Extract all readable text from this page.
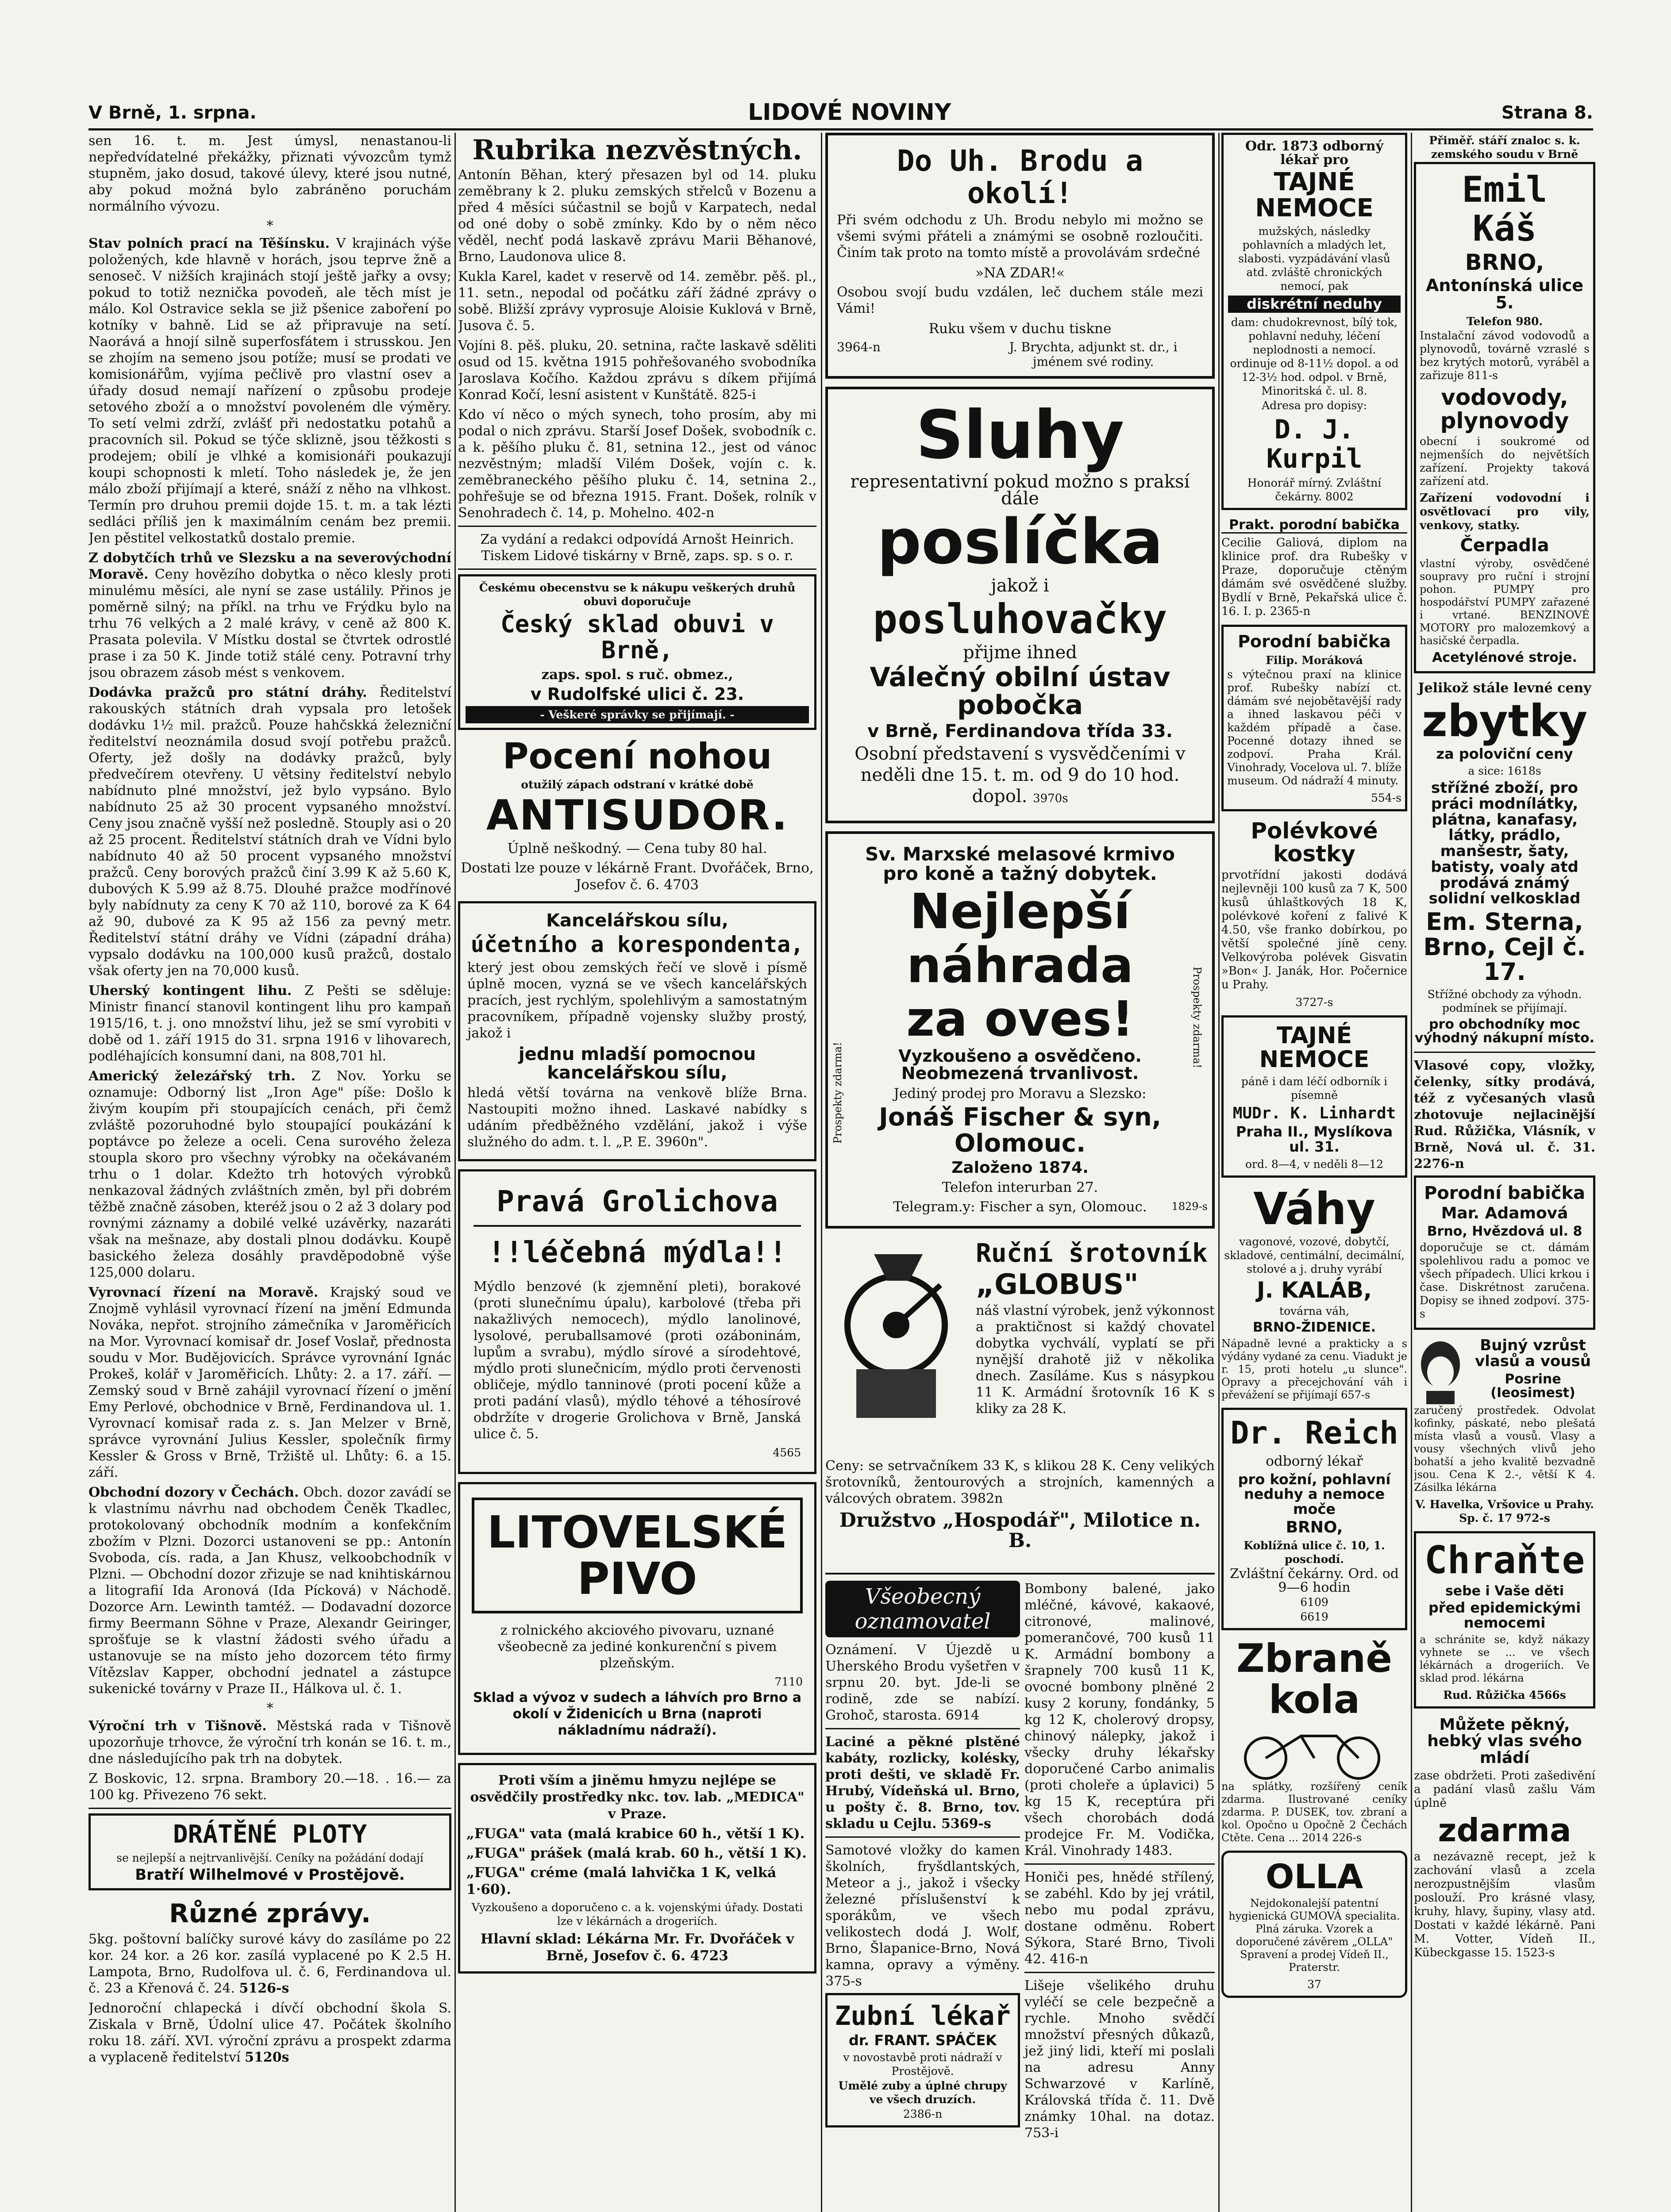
V Brně, 1. srpna.	LIDOVÉ NOVINY	Strana 8.

sen 16. t. m. Jest úmysl, nenastanou-li nepředvídatelné překážky, přiznati vývozcům tymž stupněm, jako dosud, takové úlevy, které jsou nutné, aby pokud možná bylo zabráněno poruchám normálního vývozu.

*

Stav polních prací na Těšínsku. V krajinách výše položených, kde hlavně v horách, jsou teprve žně a senoseč. V nižších krajinách stojí ještě jařky a ovsy; pokud to totiž neznička povodeň, ale těch míst je málo. Kol Ostravice sekla se již pšenice zaboření po kotníky v bahně. Lid se až připravuje na setí. Naorává a hnojí silně superfosfátem i strusskou. Jen se zhojím na semeno jsou potíže; musí se prodati ve komisionářům, vyjíma pečlivě pro vlastní osev a úřady dosud nemají nařízení o způsobu prodeje setového zboží a o množství povoleném dle výměry. To setí velmi zdrží, zvlášť při nedostatku potahů a pracovních sil. Pokud se týče sklizně, jsou těžkosti s prodejem; obilí je vlhké a komisionáři poukazují koupi schopnosti k mletí. Toho následek je, že jen málo zboží přijímají a které, snáží z něho na vlhkost. Termín pro druhou premii dojde 15. t. m. a tak lézti sedláci příliš jen k maximálním cenám bez premii. Jen pěstitel velkostatků dostalo premie.

Z dobytčích trhů ve Slezsku a na severovýchodní Moravě. Ceny hovězího dobytka o něco klesly proti minulému měsíci, ale nyní se zase ustálily. Přinos je poměrně silný; na příkl. na trhu ve Frýdku bylo na trhu 76 velkých a 2 malé krávy, v ceně až 800 K. Prasata polevila. V Místku dostal se čtvrtek odrostlé prase i za 50 K. Jinde totiž stálé ceny. Potravní trhy jsou obrazem zásob mést s venkovem.

Dodávka pražců pro státní dráhy. Ředitelství rakouských státních drah vypsala pro letošek dodávku 1½ mil. pražců. Pouze hahčskká železniční ředitelství neoznámila dosud svojí potřebu pražců. Oferty, jež došly na dodávky pražců, byly předvečírem otevřeny. U větsiny ředitelství nebylo nabídnuto plné množství, jež bylo vypsáno. Bylo nabídnuto 25 až 30 procent vypsaného množství. Ceny jsou značně vyšší než posledně. Stouply asi o 20 až 25 procent. Ředitelství státních drah ve Vídni bylo nabídnuto 40 až 50 procent vypsaného množství pražců. Ceny borových pražců činí 3.99 K až 5.60 K, dubových K 5.99 až 8.75. Dlouhé pražce modřínové byly nabídnuty za ceny K 70 až 110, borové za K 64 až 90, dubové za K 95 až 156 za pevný metr. Ředitelství státní dráhy ve Vídni (západní dráha) vypsalo dodávku na 100,000 kusů pražců, dostalo však oferty jen na 70,000 kusů.

Uherský kontingent lihu. Z Pešti se sděluje: Ministr financí stanovil kontingent lihu pro kampaň 1915/16, t. j. ono množství lihu, jež se smí vyrobiti v době od 1. září 1915 do 31. srpna 1916 v lihovarech, podléhajících konsumní dani, na 808,701 hl.

Americký železářský trh. Z Nov. Yorku se oznamuje: Odborný list „Iron Age" píše: Došlo k živým koupím při stoupajících cenách, při čemž zvláště pozoruhodné bylo stoupající poukázání k poptávce po železe a oceli. Cena surového železa stoupla skoro pro všechny výrobky na očekávaném trhu o 1 dolar. Kdežto trh hotových výrobků nenkazoval žádných zvláštních změn, byl při dobrém těžbě značně zásoben, kteréž jsou o 2 až 3 dolary pod rovnými záznamy a dobilé velké uzávěrky, nazaráti však na mešnaze, aby dostali plnou dodávku. Koupě basického železa dosáhly pravděpodobně výše 125,000 dolaru.

Vyrovnací řízení na Moravě. Krajský soud ve Znojmě vyhlásil vyrovnací řízení na jmění Edmunda Nováka, nepřot. strojního zámečníka v Jaroměřicích na Mor. Vyrovnací komisař dr. Josef Voslař, přednosta soudu v Mor. Budějovicích. Správce vyrovnání Ignác Prokeš, kolář v Jaroměřicích. Lhůty: 2. a 17. září. — Zemský soud v Brně zahájil vyrovnací řízení o jmění Emy Perlové, obchodnice v Brně, Ferdinandova ul. 1. Vyrovnací komisař rada z. s. Jan Melzer v Brně, správce vyrovnání Julius Kessler, společník firmy Kessler & Gross v Brně, Tržiště ul. Lhůty: 6. a 15. září.

Obchodní dozory v Čechách. Obch. dozor zavádí se k vlastnímu návrhu nad obchodem Čeněk Tkadlec, protokolovaný obchodník modním a konfekčním zbožím v Plzni. Dozorci ustanoveni se pp.: Antonín Svoboda, cís. rada, a Jan Khusz, velkoobchodník v Plzni. — Obchodní dozor zřizuje se nad knihtiskárnou a litografií Ida Aronová (Ida Pícková) v Náchodě. Dozorce Arn. Lewinth tamtéž. — Dodavadní dozorce firmy Beermann Söhne v Praze, Alexandr Geiringer, sprošťuje se k vlastní žádosti svého úřadu a ustanovuje se na místo jeho dozorcem této firmy Vítězslav Kapper, obchodní jednatel a zástupce sukenické továrny v Praze II., Hálkova ul. č. 1.

*

Výroční trh v Tišnově. Městská rada v Tišnově upozorňuje trhovce, že výroční trh konán se 16. t. m., dne následujícího pak trh na dobytek.

Z Boskovic, 12. srpna. Brambory 20.—18. . 16.— za 100 kg. Přivezeno 76 sekt.

DRÁTĚNÉ PLOTY
se nejlepší a nejtrvanlivější. Ceníky na požádání dodají
Bratří Wilhelmové v Prostějově.
Různé zprávy.

5kg. poštovní balíčky surové kávy do zasíláme po 22 kor. 24 kor. a 26 kor. zasílá vyplacené po K 2.5 H. Lampota, Brno, Rudolfova ul. č. 6, Ferdinandova ul. č. 23 a Křenová č. 24. 5126-s

Jednoroční chlapecká i dívčí obchodní škola S. Ziskala v Brně, Údolní ulice 47. Počátek školního roku 18. září. XVI. výroční zprávu a prospekt zdarma a vyplaceně ředitelství 5120s

Rubrika nezvěstných.

Antonín Běhan, který přesazen byl od 14. pluku zeměbrany k 2. pluku zemských střelců v Bozenu a před 4 měsíci súčastnil se bojů v Karpatech, nedal od oné doby o sobě zmínky. Kdo by o něm něco věděl, nechť podá laskavě zprávu Marii Běhanové, Brno, Laudonova ulice 8.

Kukla Karel, kadet v reservě od 14. zeměbr. pěš. pl., 11. setn., nepodal od počátku září žádné zprávy o sobě. Bližší zprávy vyprosuje Aloisie Kuklová v Brně, Jusova č. 5.

Vojíni 8. pěš. pluku, 20. setnina, račte laskavě sděliti osud od 15. května 1915 pohřešovaného svobodníka Jaroslava Kočího. Každou zprávu s díkem přijímá Konrad Kočí, lesní asistent v Kunštátě. 825-i

Kdo ví něco o mých synech, toho prosím, aby mi podal o nich zprávu. Starší Josef Došek, svobodník c. a k. pěšího pluku č. 81, setnina 12., jest od vánoc nezvěstným; mladší Vilém Došek, vojín c. k. zeměbraneckého pěšího pluku č. 14, setnina 2., pohřešuje se od března 1915. Frant. Došek, rolník v Senohradech č. 14, p. Mohelno. 402-n

Za vydání a redakci odpovídá Arnošt Heinrich. Tiskem Lidové tiskárny v Brně, zaps. sp. s o. r.

Českému obecenstvu se k nákupu veškerých druhů obuvi doporučuje
Český sklad obuvi v Brně,
zaps. spol. s ruč. obmez.,
v Rudolfské ulici č. 23.
- Veškeré správky se přijímají. -
Pocení nohou
otužilý zápach odstraní v krátké době
ANTISUDOR.
Úplně neškodný. — Cena tuby 80 hal.
Dostati lze pouze v lékárně Frant. Dvořáček, Brno, Josefov č. 6. 4703
Kancelářskou sílu,
účetního a korespondenta,

který jest obou zemských řečí ve slově i písmě úplně mocen, vyzná se ve všech kancelářských pracích, jest rychlým, spolehlivým a samostatným pracovníkem, případně vojensky služby prostý, jakož i

jednu mladší pomocnou kancelářskou sílu,

hledá větší továrna na venkově blíže Brna. Nastoupiti možno ihned. Laskavé nabídky s udáním předběžného vzdělání, jakož i výše služného do adm. t. l. „P. E. 3960n".

Pravá Grolichova
!!léčebná mýdla!!

Mýdlo benzové (k zjemnění pleti), borakové (proti slunečnímu úpalu), karbolové (třeba při nakažlivých nemocech), mýdlo lanolinové, lysolové, peruballsamové (proti ozáboninám, lupům a svrabu), mýdlo sírové a sírodehtové, mýdlo proti slunečnicím, mýdlo proti červenosti obličeje, mýdlo tanninové (proti pocení kůže a proti padání vlasů), mýdlo téhové a téhosírové obdržíte v drogerie Grolichova v Brně, Janská ulice č. 5.

4565
LITOVELSKÉ PIVO

z rolnického akciového pivovaru, uznané všeobecně za jediné konkurenční s pivem plzeňským.

7110

Sklad a vývoz v sudech a láhvích pro Brno a okolí v Židenicích u Brna (naproti nákladnímu nádraží).

Proti vším a jiněmu hmyzu nejlépe se osvědčily prostředky nkc. tov. lab. „MEDICA" v Praze.
„FUGA" vata (malá krabice 60 h., větší 1 K).
„FUGA" prášek (malá krab. 60 h., větší 1 K).
„FUGA" créme (malá lahvička 1 K, velká 1·60).
Vyzkoušeno a doporučeno c. a k. vojenskými úřady. Dostati lze v lékárnách a drogeriích.
Hlavní sklad: Lékárna Mr. Fr. Dvořáček v Brně, Josefov č. 6. 4723
Do Uh. Brodu a okolí!

Při svém odchodu z Uh. Brodu nebylo mi možno se všemi svými přáteli a známými se osobně rozloučiti. Činím tak proto na tomto místě a provolávám srdečné

»NA ZDAR!«

Osobou svojí budu vzdálen, leč duchem stále mezi Vámi!

Ruku všem v duchu tiskne
3964-n	J. Brychta, adjunkt st. dr., i jménem své rodiny.
Sluhy
representativní pokud možno s praksí dále
poslíčka
jakož i
posluhovačky
přijme ihned
Válečný obilní ústav pobočka
v Brně, Ferdinandova třída 33.
Osobní představení s vysvědčeními v neděli dne 15. t. m. od 9 do 10 hod. dopol. 3970s
Sv. Marxské melasové krmivo pro koně a tažný dobytek.
Nejlepší
náhrada
za oves!
Vyzkoušeno a osvědčeno. Neobmezená trvanlivost.
Jediný prodej pro Moravu a Slezsko:
Jonáš Fischer & syn, Olomouc.
Založeno 1874.
Telefon interurban 27.
Telegram.y: Fischer a syn, Olomouc.
Prospekty zdarma!
Prospekty zdarma!
1829-s
Ruční šrotovník
„GLOBUS"

náš vlastní výrobek, jenž výkonnost a praktičnost si každý chovatel dobytka vychválí, vyplatí se při nynější drahotě již v několika dnech. Zasíláme. Kus s násypkou 11 K. Armádní šrotovník 16 K s kliky za 28 K.

Ceny: se setrvačníkem 33 K, s klikou 28 K. Ceny velikých šrotovníků, žentourových a strojních, kamenných a válcových obratem. 3982n

Družstvo „Hospodář", Milotice n. B.
Všeobecný oznamovatel

Oznámení. V Újezdě u Uherského Brodu vyšetřen v srpnu 20. byt. Jde-li se rodině, zde se nabízí. Grohoč, starosta. 6914

Laciné a pěkné plstěné kabáty, rozlicky, kolésky, proti dešti, ve skladě Fr. Hrubý, Vídeňská ul. Brno, u pošty č. 8. Brno, tov. skladu u Cejlu. 5369-s

Samotové vložky do kamen školních, fryšdlantských, Meteor a j., jakož i všecky železné příslušenství k sporákům, ve všech velikostech dodá J. Wolf, Brno, Šlapanice-Brno, Nová kamna, opravy a výměny. 375-s

Zubní lékař
dr. FRANT. SPÁČEK
v novostavbě proti nádraží v Prostějově.
Umělé zuby a úplné chrupy ve všech druzích.
2386-n

Bombony balené, jako mléčné, kávové, kakaové, citronové, malinové, pomerančové, 700 kusů 11 K. Armádní bombony a šrapnely 700 kusů 11 K, ovocné bombony plněné 2 kusy 2 koruny, fondánky, 5 kg 12 K, cholerový dropsy, chinový nálepky, jakož i všecky druhy lékařsky doporučené Carbo animalis (proti choleře a úplavici) 5 kg 15 K, receptúra při všech chorobách dodá prodejce Fr. M. Vodička, Král. Vinohrady 1483.

Honiči pes, hnědé střílený, se zabéhl. Kdo by jej vrátil, nebo mu podal zprávu, dostane odměnu. Robert Sýkora, Staré Brno, Tivoli 42. 416-n

Lišeje všelikého druhu vyléčí se cele bezpečně a rychle. Mnoho svědčí množství přesných důkazů, jež jiný lidi, kteří mi poslali na adresu Anny Schwarzové v Karlíně, Královská třída č. 11. Dvě známky 10hal. na dotaz. 753-i

Odr. 1873 odborný lékař pro
TAJNÉ NEMOCE
mužských, následky pohlavních a mladých let, slabosti. vyzpádávání vlasů atd. zvláště chronických nemocí, pak
diskrétní neduhy
dam: chudokrevnost, bílý tok, pohlavní neduhy, léčení neplodnosti a nemocí. ordinuje od 8-11½ dopol. a od 12-3½ hod. odpol. v Brně, Minoritská č. ul. 8.
Adresa pro dopisy:
D. J. Kurpil
Honorář mírný. Zvláštní čekárny. 8002
Prakt. porodní babička

Cecilie Galiová, diplom na klinice prof. dra Rubešky v Praze, doporučuje ctěným dámám své osvědčené služby. Bydlí v Brně, Pekařská ulice č. 16. I. p. 2365-n

Porodní babička
Filip. Moráková

s výtečnou praxí na klinice prof. Rubešky nabízí ct. dámám své nejobětavější rady a ihned laskavou péči v každém případě a čase. Pocenné dotazy ihned se zodpoví. Praha Král. Vinohrady, Vocelova ul. 7. blíže museum. Od nádraží 4 minuty.

554-s
Polévkové kostky

prvotřídní jakosti dodává nejlevněji 100 kusů za 7 K, 500 kusů úhlaštkových 18 K, polévkové koření z falivé K 4.50, vše franko dobírkou, po větší společné jíně ceny. Velkovýroba polévek Gisvatin »Bon« J. Janák, Hor. Počernice u Prahy.

3727-s
TAJNÉ NEMOCE
páně i dam léčí odborník i písemně
MUDr. K. Linhardt
Praha II., Myslíkova ul. 31.
ord. 8—4, v neděli 8—12
Váhy
vagonové, vozové, dobytčí, skladové, centimální, decimální, stolové a j. druhy vyrábí
J. KALÁB,
továrna váh,
BRNO-ŽIDENICE.

Nápadně levné a prakticky a s výdány vydané za cenu. Viadukt je r. 15, proti hotelu „u slunce". Opravy a přecejchování váh i převážení se přijímají 657-s

Dr. Reich
odborný lékař
pro kožní, pohlavní neduhy a nemoce moče
BRNO,
Koblížná ulice č. 10, 1. poschodí.
Zvláštní čekárny. Ord. od 9—6 hodin
6109
6619
Zbraně kola

na splátky, rozšířený ceník zdarma. Ilustrované ceníky zdarma. P. DUSEK, tov. zbraní a kol. Opočno u Opočně 2 Čechách Ctěte. Cena ... 2014 226-s

OLLA

Nejdokonalejší patentní hygienická GUMOVÁ specialita. Plná záruka. Vzorek a doporučené závěrem „OLLA" Spravení a prodej Vídeň II., Praterstr.

37
Přiměř. stáří znaloc s. k. zemského soudu v Brně
Emil Káš
BRNO,
Antonínská ulice 5.
Telefon 980.

Instalační závod vodovodů a plynovodů, továrně vzraslé s bez krytých motorů, vyráběl a zařizuje 811-s

vodovody, plynovody

obecní i soukromé od nejmenších do největších zařízení. Projekty taková zařízení atd.

Zařízení vodovodní i osvětlovací pro vily, venkovy, statky.

Čerpadla

vlastní výroby, osvědčené soupravy pro ruční i strojní pohon. PUMPY pro hospodářství PUMPY zařazené i vrtané. BENZINOVÉ MOTORY pro malozemkový a hasičské čerpadla.

Acetylénové stroje.
Jelikož stále levné ceny
zbytky
za poloviční ceny
a sice: 1618s
střížné zboží, pro práci modnílátky, plátna, kanafasy, látky, prádlo, manšestr, šaty, batisty, voaly atd prodává známý solidní velkosklad
Em. Sterna, Brno, Cejl č. 17.
Střížné obchody za výhodn. podmínek se přijímají.
pro obchodníky moc výhodný nákupní místo.

Vlasové copy, vložky, čelenky, sítky prodává, též z vyčesaných vlasů zhotovuje nejlacinější Rud. Růžička, Vlásník, v Brně, Nová ul. č. 31. 2276-n

Porodní babička
Mar. Adamová
Brno, Hvězdová ul. 8

doporučuje se ct. dámám spolehlivou radu a pomoc ve všech případech. Ulici krkou i čase. Diskrétnost zaručena. Dopisy se ihned zodpoví. 375-s

Bujný vzrůst vlasů a vousů
Posrine (Ieosimest)

zaručený prostředek. Odvolat kofinky, páskaté, nebo plešatá místa vlasů a vousů. Vlasy a vousy všechných vlivů jeho bohatší a jeho kvalitě bezvadně jsou. Cena K 2.-, větší K 4. Zásilka lékárna

V. Havelka, Vršovice u Prahy. Sp. č. 17 972-s
Chraňte
sebe i Vaše děti
před epidemickými nemocemi

a schránite se, když nákazy vyhnete se ... ve všech lékárnách a drogeriích. Ve sklad prod. lékárna

Rud. Růžička 4566s
Můžete pěkný, hebký vlas svého mládí

zase obdržeti. Proti zašedivění a padání vlasů zašlu Vám úplně

zdarma

a nezávazně recept, jež k zachování vlasů a zcela nerozpustnějším vlasům poslouží. Pro krásné vlasy, kruhy, hlavy, šupiny, vlasy atd. Dostati v každé lékárně. Pani M. Votter, Vídeň II., Kübeckgasse 15. 1523-s
